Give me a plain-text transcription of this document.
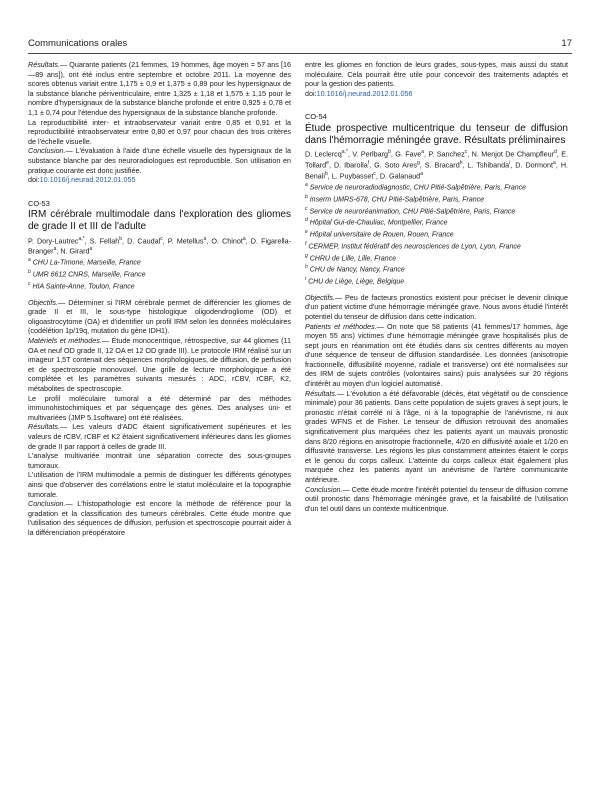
Communications orales	17

Résultats.— Quarante patients (21 femmes, 19 hommes, âge moyen = 57 ans [16—89 ans]), ont été inclus entre septembre et octobre 2011. La moyenne des scores obtenus variait entre 1,175 ± 0,9 et 1,375 ± 0,89 pour les hypersignaux de la substance blanche périventriculaire, entre 1,325 ± 1,18 et 1,575 ± 1,15 pour le nombre d'hypersignaux de la substance blanche profonde et entre 0,925 ± 0,78 et 1,1 ± 0,74 pour l'étendue des hypersignaux de la substance blanche profonde.

La reproductibilité inter- et intraobservateur variait entre 0,85 et 0,91 et la reproductibilité intraobservateur entre 0,80 et 0,97 pour chacun des trois critères de l'échelle visuelle.

Conclusion.— L'évaluation à l'aide d'une échelle visuelle des hypersignaux de la substance blanche par des neuroradiologues est reproductible. Son utilisation en pratique courante est donc justifiée.

doi:10.1016/j.neurad.2012.01.055

CO-53
IRM cérébrale multimodale dans l'exploration des gliomes de grade II et III de l'adulte
P. Dory-Lautrec$^{a,*}$, S. Fellah$^b$, D. Caudal$^c$, P. Metellus$^a$, O. Chinot$^a$, D. Figarella-Branger$^a$, N. Girard$^a$
$^a$ CHU La-Timone, Marseille, France
$^b$ UMR 6612 CNRS, Marseille, France
$^c$ HIA Sainte-Anne, Toulon, France

Objectifs.— Déterminer si l'IRM cérébrale permet de différencier les gliomes de grade II et III, le sous-type histologique oligodendrogliome (OD) et oligoastrocytome (OA) et d'identifier un profil IRM selon les données moléculaires (codélétion 1p/19q, mutation du gène IDH1).

Matériels et méthodes.— Étude monocentrique, rétrospective, sur 44 gliomes (11 OA et neuf OD grade II, 12 OA et 12 OD grade III). Le protocole IRM réalisé sur un imageur 1,5T contenait des séquences morphologiques, de diffusion, de perfusion et de spectroscopie monovoxel. Une grille de lecture morphologique a été complétée et les paramètres suivants mesurés : ADC, rCBV, rCBF, K2, métabolites de spectroscopie.

Le profil moléculaire tumoral a été déterminé par des méthodes immunohistochimiques et par séquençage des gènes. Des analyses uni- et multivariées (JMP 5.1software) ont été réalisées.

Résultats.— Les valeurs d'ADC étaient significativement supérieures et les valeurs de rCBV, rCBF et K2 étaient significativement inférieures dans les gliomes de grade II par rapport à celles de grade III.

L'analyse multivariée montrait une séparation correcte des sous-groupes tumoraux.

L'utilisation de l'IRM multimodale a permis de distinguer les différents génotypes ainsi que d'observer des corrélations entre le statut moléculaire et la topographie tumorale.

Conclusion.— L'histopathologie est encore la méthode de référence pour la gradation et la classification des tumeurs cérébrales. Cette étude montre que l'utilisation des séquences de diffusion, perfusion et spectroscopie pourrait aider à la différenciation préopératoire

entre les gliomes en fonction de leurs grades, sous-types, mais aussi du statut moléculaire. Cela pourrait être utile pour concevoir des traitements adaptés et pour la gestion des patients.

doi:10.1016/j.neurad.2012.01.056

CO-54
Étude prospective multicentrique du tenseur de diffusion dans l'hémorragie méningée grave. Résultats préliminaires
D. Leclercq$^{a,*}$, V. Perlbarg$^b$, G. Fave$^a$, P. Sanchez$^c$, N. Menjot De Champfleur$^d$, E. Tollard$^e$, D. Ibarolla$^f$, G. Soto Ares$^g$, S. Bracard$^h$, L. Tshibanda$^i$, D. Dormont$^a$, H. Benali$^b$, L. Puybasset$^c$, D. Galanaud$^a$
$^a$ Service de neuroradiodiagnostic, CHU Pitié-Salpêtrière, Paris, France
$^b$ Inserm UMRS-678, CHU Pitié-Salpêtrière, Paris, France
$^c$ Service de neuroréanimation, CHU Pitié-Salpêtrière, Paris, France
$^d$ Hôpital Gui-de-Chauliac, Montpellier, France
$^e$ Hôpital universitaire de Rouen, Rouen, France
$^f$ CERMEP, Institut fédératif des neurosciences de Lyon, Lyon, France
$^g$ CHRU de Lille, Lille, France
$^h$ CHU de Nancy, Nancy, France
$^i$ CHU de Liège, Liège, Belgique

Objectifs.— Peu de facteurs pronostics existent pour préciser le devenir clinique d'un patient victime d'une hémorragie méningée grave. Nous avons étudié l'intérêt potentiel du tenseur de diffusion dans cette indication.

Patients et méthodes.— On note que 58 patients (41 femmes/17 hommes, âge moyen 55 ans) victimes d'une hémorragie méningée grave hospitalisés plus de sept jours en réanimation ont été étudiés dans six centres différents au moyen d'une séquence de tenseur de diffusion standardisée. Les données (anisotropie fractionnelle, diffusibilité moyenne, radiale et transverse) ont été normalisées sur des IRM de sujets contrôles (volontaires sains) puis analysées sur 20 régions d'intérêt au moyen d'un logiciel automatisé.

Résultats.— L'évolution a été défavorable (décès, état végétatif ou de conscience minimale) pour 36 patients. Dans cette population de sujets graves à sept jours, le pronostic n'était corrélé ni à l'âge, ni à la topographie de l'anévrisme, ni aux grades WFNS et de Fisher. Le tenseur de diffusion retrouvait des anomalies significativement plus marquées chez les patients ayant un mauvais pronostic dans 8/20 régions en anisotropie fractionnelle, 4/20 en diffusivité axiale et 1/20 en diffusivité transverse. Les régions les plus constamment atteintes étaient le corps et le genou du corps calleux. L'atteinte du corps calleux était également plus marquée chez les patients ayant un anévrisme de l'artère communicante antérieure.

Conclusion.— Cette étude montre l'intérêt potentiel du tenseur de diffusion comme outil pronostic dans l'hémorragie méningée grave, et la faisabilité de l'utilisation d'un tel outil dans un contexte multicentrique.
